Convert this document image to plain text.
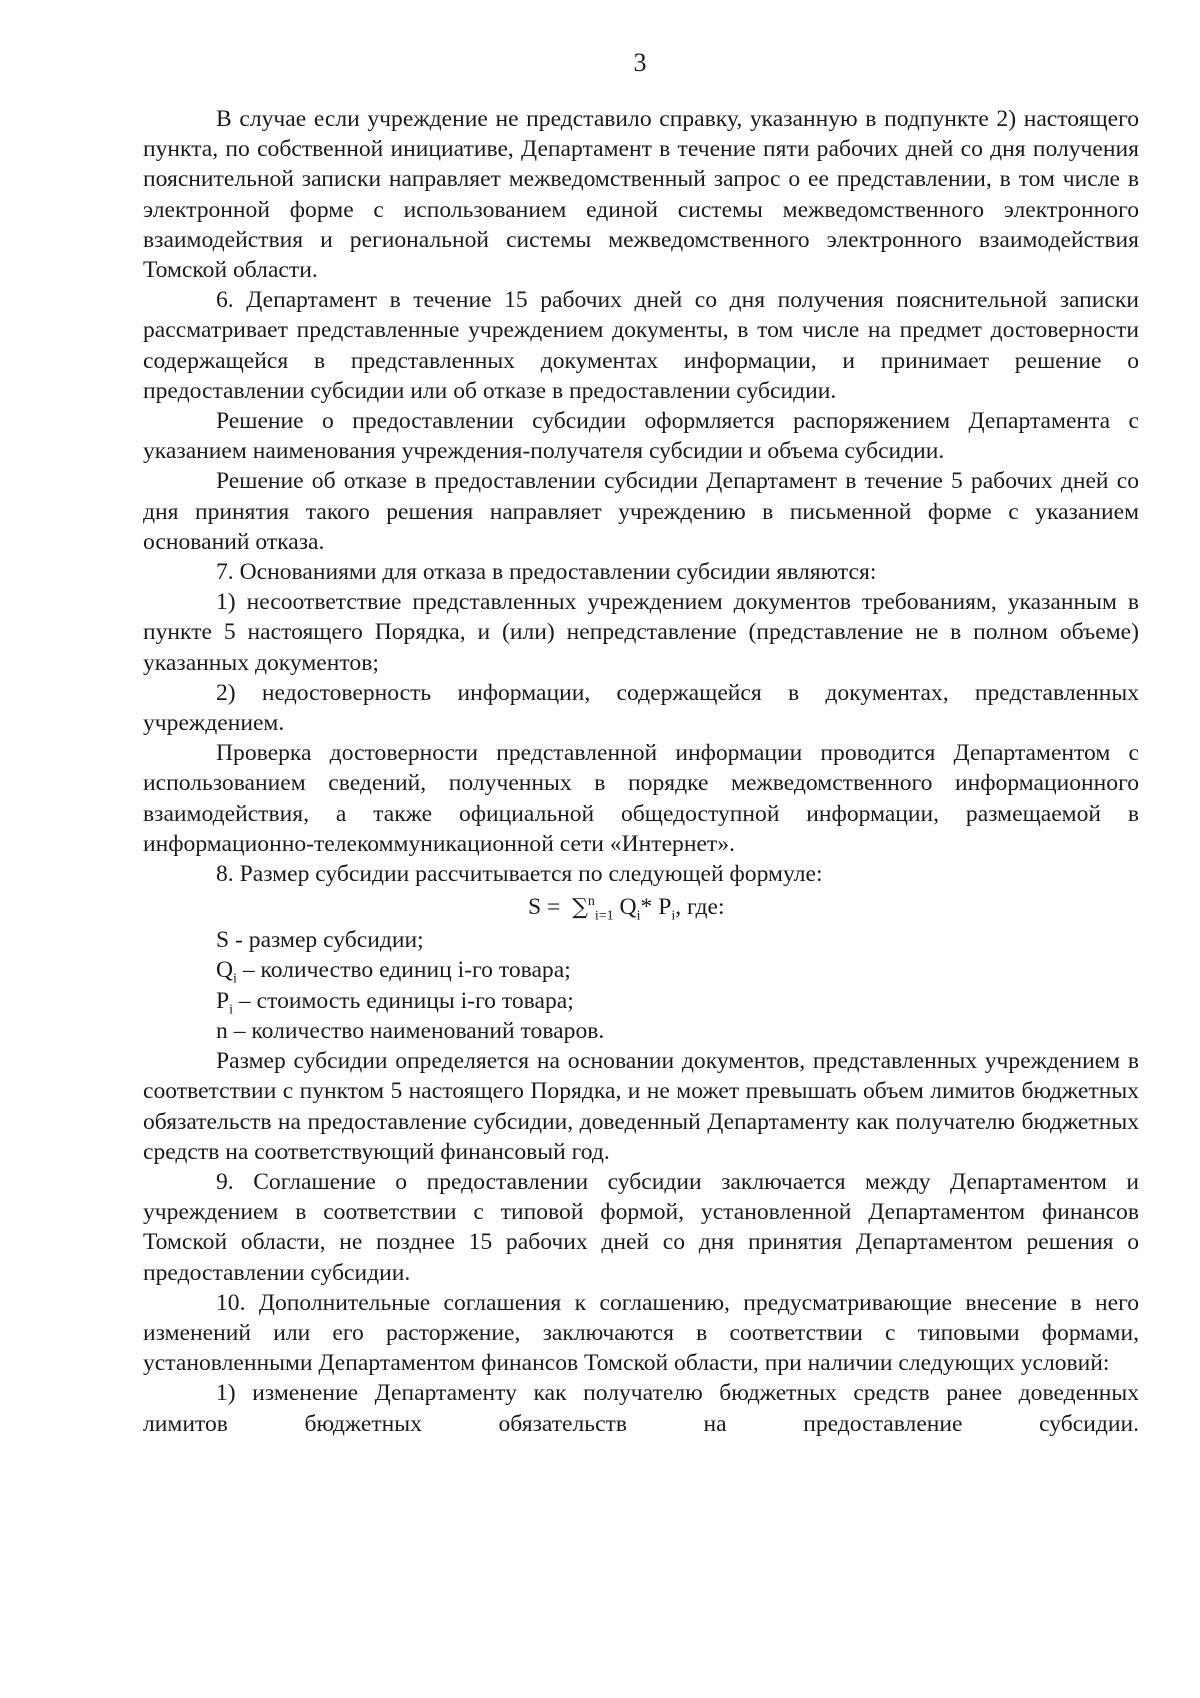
3

В случае если учреждение не представило справку, указанную в подпункте 2) настоящего пункта, по собственной инициативе, Департамент в течение пяти рабочих дней со дня получения пояснительной записки направляет межведомственный запрос о ее представлении, в том числе в электронной форме с использованием единой системы межведомственного электронного взаимодействия и региональной системы межведомственного электронного взаимодействия Томской области.

6. Департамент в течение 15 рабочих дней со дня получения пояснительной записки рассматривает представленные учреждением документы, в том числе на предмет достоверности содержащейся в представленных документах информации, и принимает решение о предоставлении субсидии или об отказе в предоставлении субсидии.

Решение о предоставлении субсидии оформляется распоряжением Департамента с указанием наименования учреждения-получателя субсидии и объема субсидии.

Решение об отказе в предоставлении субсидии Департамент в течение 5 рабочих дней со дня принятия такого решения направляет учреждению в письменной форме с указанием оснований отказа.

7. Основаниями для отказа в предоставлении субсидии являются:

1) несоответствие представленных учреждением документов требованиям, указанным в пункте 5 настоящего Порядка, и (или) непредставление (представление не в полном объеме) указанных документов;

2) недостоверность информации, содержащейся в документах, представленных учреждением.

Проверка достоверности представленной информации проводится Департаментом с использованием сведений, полученных в порядке межведомственного информационного взаимодействия, а также официальной общедоступной информации, размещаемой в информационно-телекоммуникационной сети «Интернет».

8. Размер субсидии рассчитывается по следующей формуле:

S = ∑$^n_{i=1}$ $Q_i*$ $P_i$, где:

S - размер субсидии;

$Q_i$ – количество единиц i-го товара;

$P_i$ – стоимость единицы i-го товара;

n – количество наименований товаров.

Размер субсидии определяется на основании документов, представленных учреждением в соответствии с пунктом 5 настоящего Порядка, и не может превышать объем лимитов бюджетных обязательств на предоставление субсидии, доведенный Департаменту как получателю бюджетных средств на соответствующий финансовый год.

9. Соглашение о предоставлении субсидии заключается между Департаментом и учреждением в соответствии с типовой формой, установленной Департаментом финансов Томской области, не позднее 15 рабочих дней со дня принятия Департаментом решения о предоставлении субсидии.

10. Дополнительные соглашения к соглашению, предусматривающие внесение в него изменений или его расторжение, заключаются в соответствии с типовыми формами, установленными Департаментом финансов Томской области, при наличии следующих условий:

1) изменение Департаменту как получателю бюджетных средств ранее доведенных лимитов бюджетных обязательств на предоставление субсидии.
